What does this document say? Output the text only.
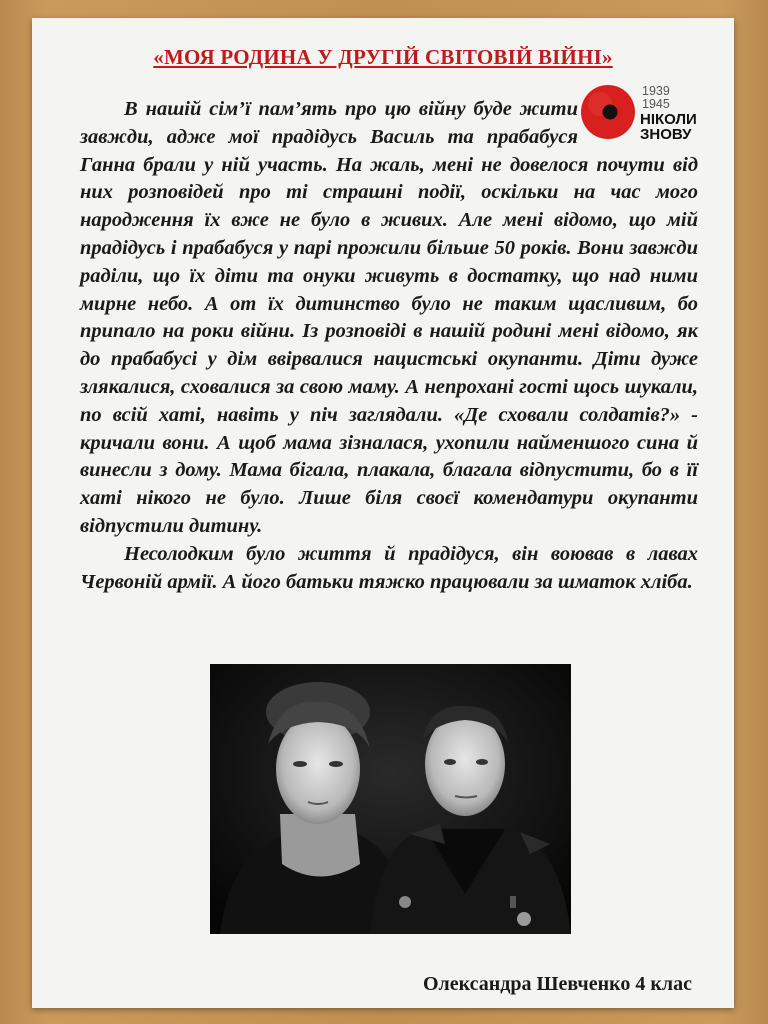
«МОЯ РОДИНА У ДРУГІЙ СВІТОВІЙ ВІЙНІ»
1939
1945
НІКОЛИ
ЗНОВУ

В нашій сім’ї пам’ять про цю війну буде жити завжди, адже мої прадідусь Василь та прабабуся Ганна брали у ній участь. На жаль, мені не довелося почути від них розповідей про ті страшні події, оскільки на час мого народження їх вже не було в живих. Але мені відомо, що мій прадідусь і прабабуся у парі прожили більше 50 років. Вони завжди раділи, що їх діти та онуки живуть в достатку, що над ними мирне небо. А от їх дитинство було не таким щасливим, бо припало на роки війни. Із розповіді в нашій родині мені відомо, як до прабабусі у дім ввірвалися нацистські окупанти. Діти дуже злякалися, сховалися за свою маму. А непрохані гості щось шукали, по всій хаті, навіть у піч заглядали. «Де сховали солдатів?» - кричали вони. А щоб мама зізналася, ухопили найменшого сина й винесли з дому. Мама бігала, плакала, благала відпустити, бо в її хаті нікого не було. Лише біля своєї комендатури окупанти відпустили дитину.

Несолодким було життя й прадідуся, він воював в лавах Червоній армії. А його батьки тяжко працювали за шматок хліба.

Олександра Шевченко 4 клас
